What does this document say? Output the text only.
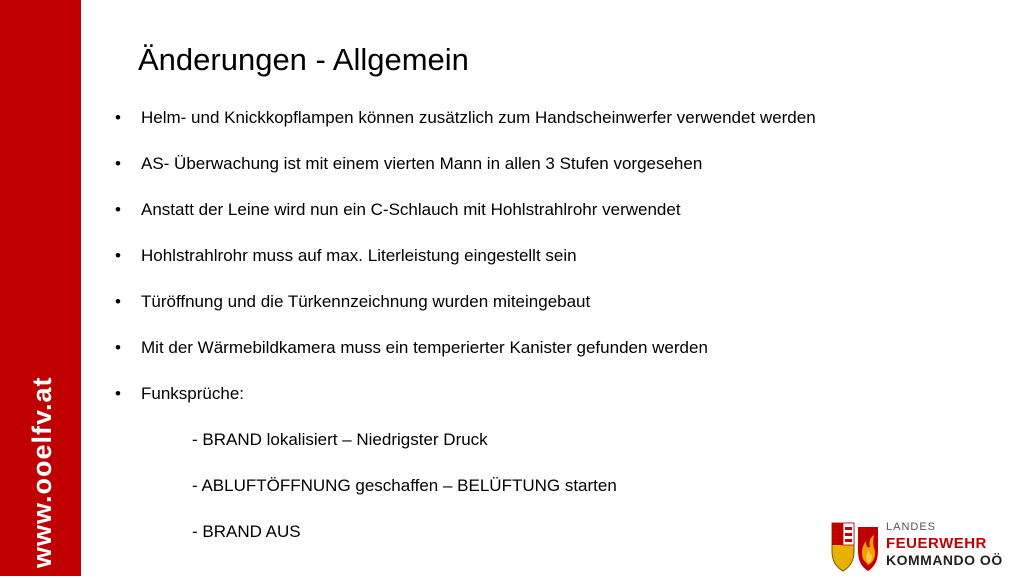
www.ooelfv.at
Änderungen - Allgemein
• Helm- und Knickkopflampen können zusätzlich zum Handscheinwerfer verwendet werden
• AS- Überwachung ist mit einem vierten Mann in allen 3 Stufen vorgesehen
• Anstatt der Leine wird nun ein C-Schlauch mit Hohlstrahlrohr verwendet
• Hohlstrahlrohr muss auf max. Literleistung eingestellt sein
• Türöffnung und die Türkennzeichnung wurden miteingebaut
• Mit der Wärmebildkamera muss ein temperierter Kanister gefunden werden
• Funksprüche:
- BRAND lokalisiert – Niedrigster Druck
- ABLUFTÖFFNUNG geschaffen – BELÜFTUNG starten
- BRAND AUS	LANDES
FEUERWEHR
KOMMANDO OÖ
